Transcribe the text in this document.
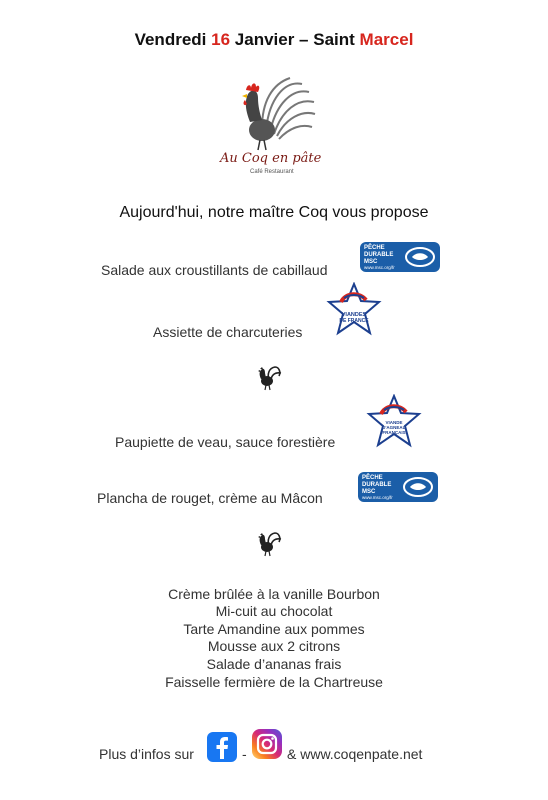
Vendredi 16 Janvier – Saint Marcel
Au Coq en pâte
Café Restaurant
Aujourd'hui, notre maître Coq vous propose
Salade aux croustillants de cabillaud
PÊCHE
DURABLE
MSC
www.msc.org/fr
Assiette de charcuteries
VIANDES
DE FRANCE
Paupiette de veau, sauce forestière
VIANDE
D'AGNEAU
FRANÇAIS
Plancha de rouget, crème au Mâcon
PÊCHE
DURABLE
MSC
www.msc.org/fr
Crème brûlée à la vanille Bourbon
Mi-cuit au chocolat
Tarte Amandine aux pommes
Mousse aux 2 citrons
Salade d’ananas frais
Faisselle fermière de la Chartreuse
Plus d’infos sur	-	& www.coqenpate.net
